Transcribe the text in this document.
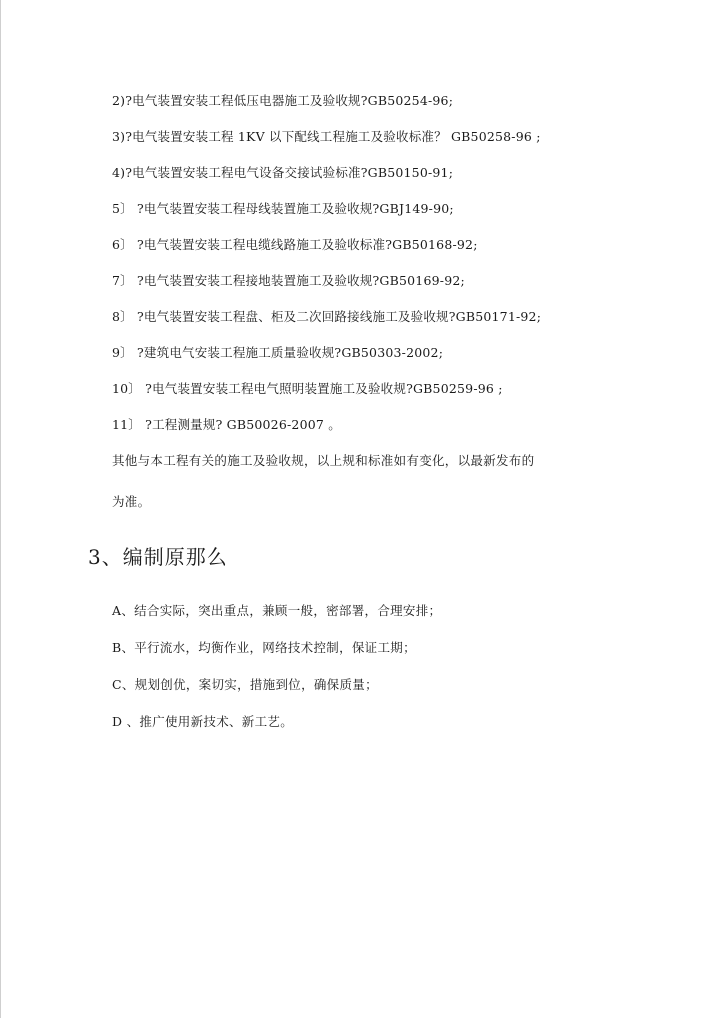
2)?电气装置安装工程低压电器施工及验收规?GB50254-96;
3)?电气装置安装工程 1KV 以下配线工程施工及验收标准？ GB50258-96 ;
4)?电气装置安装工程电气设备交接试验标准?GB50150-91;
5〕 ?电气装置安装工程母线装置施工及验收规?GBJ149-90;
6〕 ?电气装置安装工程电缆线路施工及验收标准?GB50168-92;
7〕 ?电气装置安装工程接地装置施工及验收规?GB50169-92;
8〕 ?电气装置安装工程盘、柜及二次回路接线施工及验收规?GB50171-92;
9〕 ?建筑电气安装工程施工质量验收规?GB50303-2002;
10〕 ?电气装置安装工程电气照明装置施工及验收规?GB50259-96 ;
11〕 ?工程测量规? GB50026-2007 。
其他与本工程有关的施工及验收规，以上规和标准如有变化，以最新发布的
为准。
3、编制原那么
A、结合实际，突出重点，兼顾一般，密部署，合理安排；
B、平行流水，均衡作业，网络技术控制，保证工期；
C、规划创优，案切实，措施到位，确保质量；
D 、推广使用新技术、新工艺。
